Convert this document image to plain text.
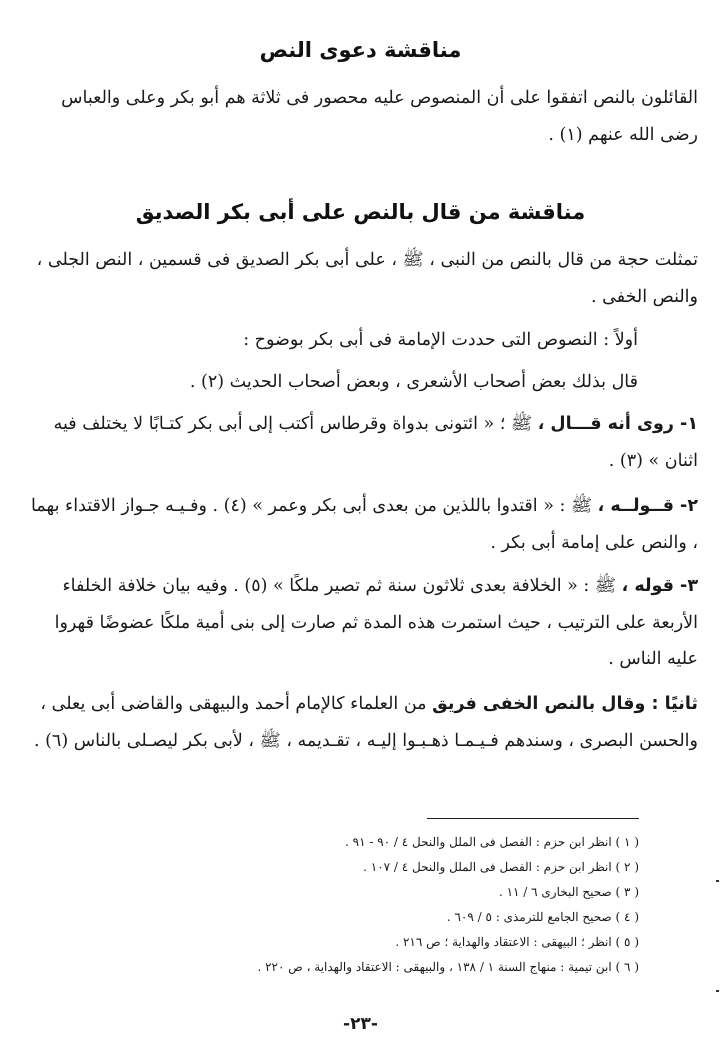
مناقشة دعوى النص
القائلون بالنص اتفقوا على أن المنصوص عليه محصور فى ثلاثة هم أبو بكر وعلى والعباس رضى الله عنهم (١) .
مناقشة من قال بالنص على أبى بكر الصديق
تمثلت حجة من قال بالنص من النبى ، ﷺ ، على أبى بكر الصديق فى قسمين ، النص الجلى ، والنص الخفى .
أولاً : النصوص التى حددت الإمامة فى أبى بكر بوضوح :
قال بذلك بعض أصحاب الأشعرى ، وبعض أصحاب الحديث (٢) .
١- روى أنه قـــال ، ﷺ ؛ « ائتونى بدواة وقرطاس أكتب إلى أبى بكر كتـابًا لا يختلف فيه اثنان » (٣) .
٢- قــولــه ، ﷺ : « اقتدوا باللذين من بعدى أبى بكر وعمر » (٤) . وفـيـه جـواز الاقتداء بهما ، والنص على إمامة أبى بكر .
٣- قوله ، ﷺ : « الخلافة بعدى ثلاثون سنة ثم تصير ملكًا » (٥) . وفيه بيان خلافة الخلفاء الأربعة على الترتيب ، حيث استمرت هذه المدة ثم صارت إلى بنى أمية ملكًا عضوضًا قهروا عليه الناس .
ثانيًا : وقال بالنص الخفى فريق من العلماء كالإمام أحمد والبيهقى والقاضى أبى يعلى ، والحسن البصرى ، وسندهم فـيـمـا ذهـبـوا إليـه ، تقـديمه ، ﷺ ، لأبى بكر ليصـلى بالناس (٦) .
( ١ ) انظر ابن حزم : الفصل فى الملل والنحل ٤ / ٩٠ - ٩١ .
( ٢ ) انظر ابن حزم : الفصل فى الملل والنحل ٤ / ١٠٧ .
( ٣ ) صحيح البخارى ٦ / ١١ .
( ٤ ) صحيح الجامع للترمذى : ٥ / ٦٠٩ .
( ٥ ) انظر ؛ البيهقى : الاعتقاد والهداية ؛ ص ٢١٦ .
( ٦ ) ابن تيمية : منهاج السنة ١ / ١٣٨ ، والبيهقى : الاعتقاد والهداية ، ص ٢٢٠ .
-٢٣-
